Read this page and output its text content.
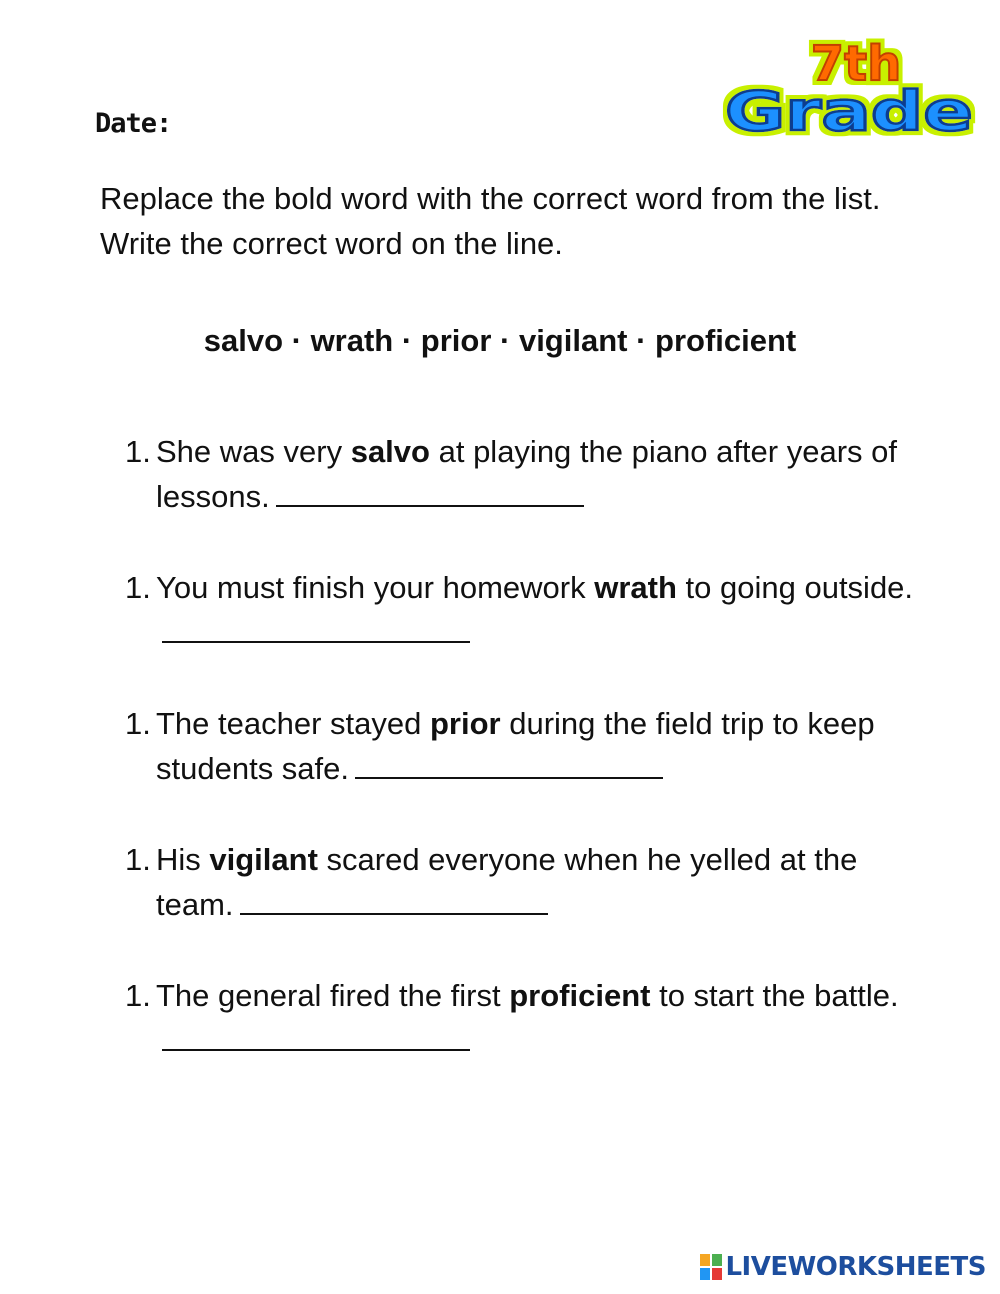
Date:
7th
Grade

Replace the bold word with the correct word from the list. Write the correct word on the line.

salvo · wrath · prior · vigilant · proficient

1. She was very salvo at playing the piano after years of lessons.
1. You must finish your homework wrath to going outside.
1. The teacher stayed prior during the field trip to keep students safe.
1. His vigilant scared everyone when he yelled at the team.
1. The general fired the first proficient to start the battle.
LIVEWORKSHEETS
